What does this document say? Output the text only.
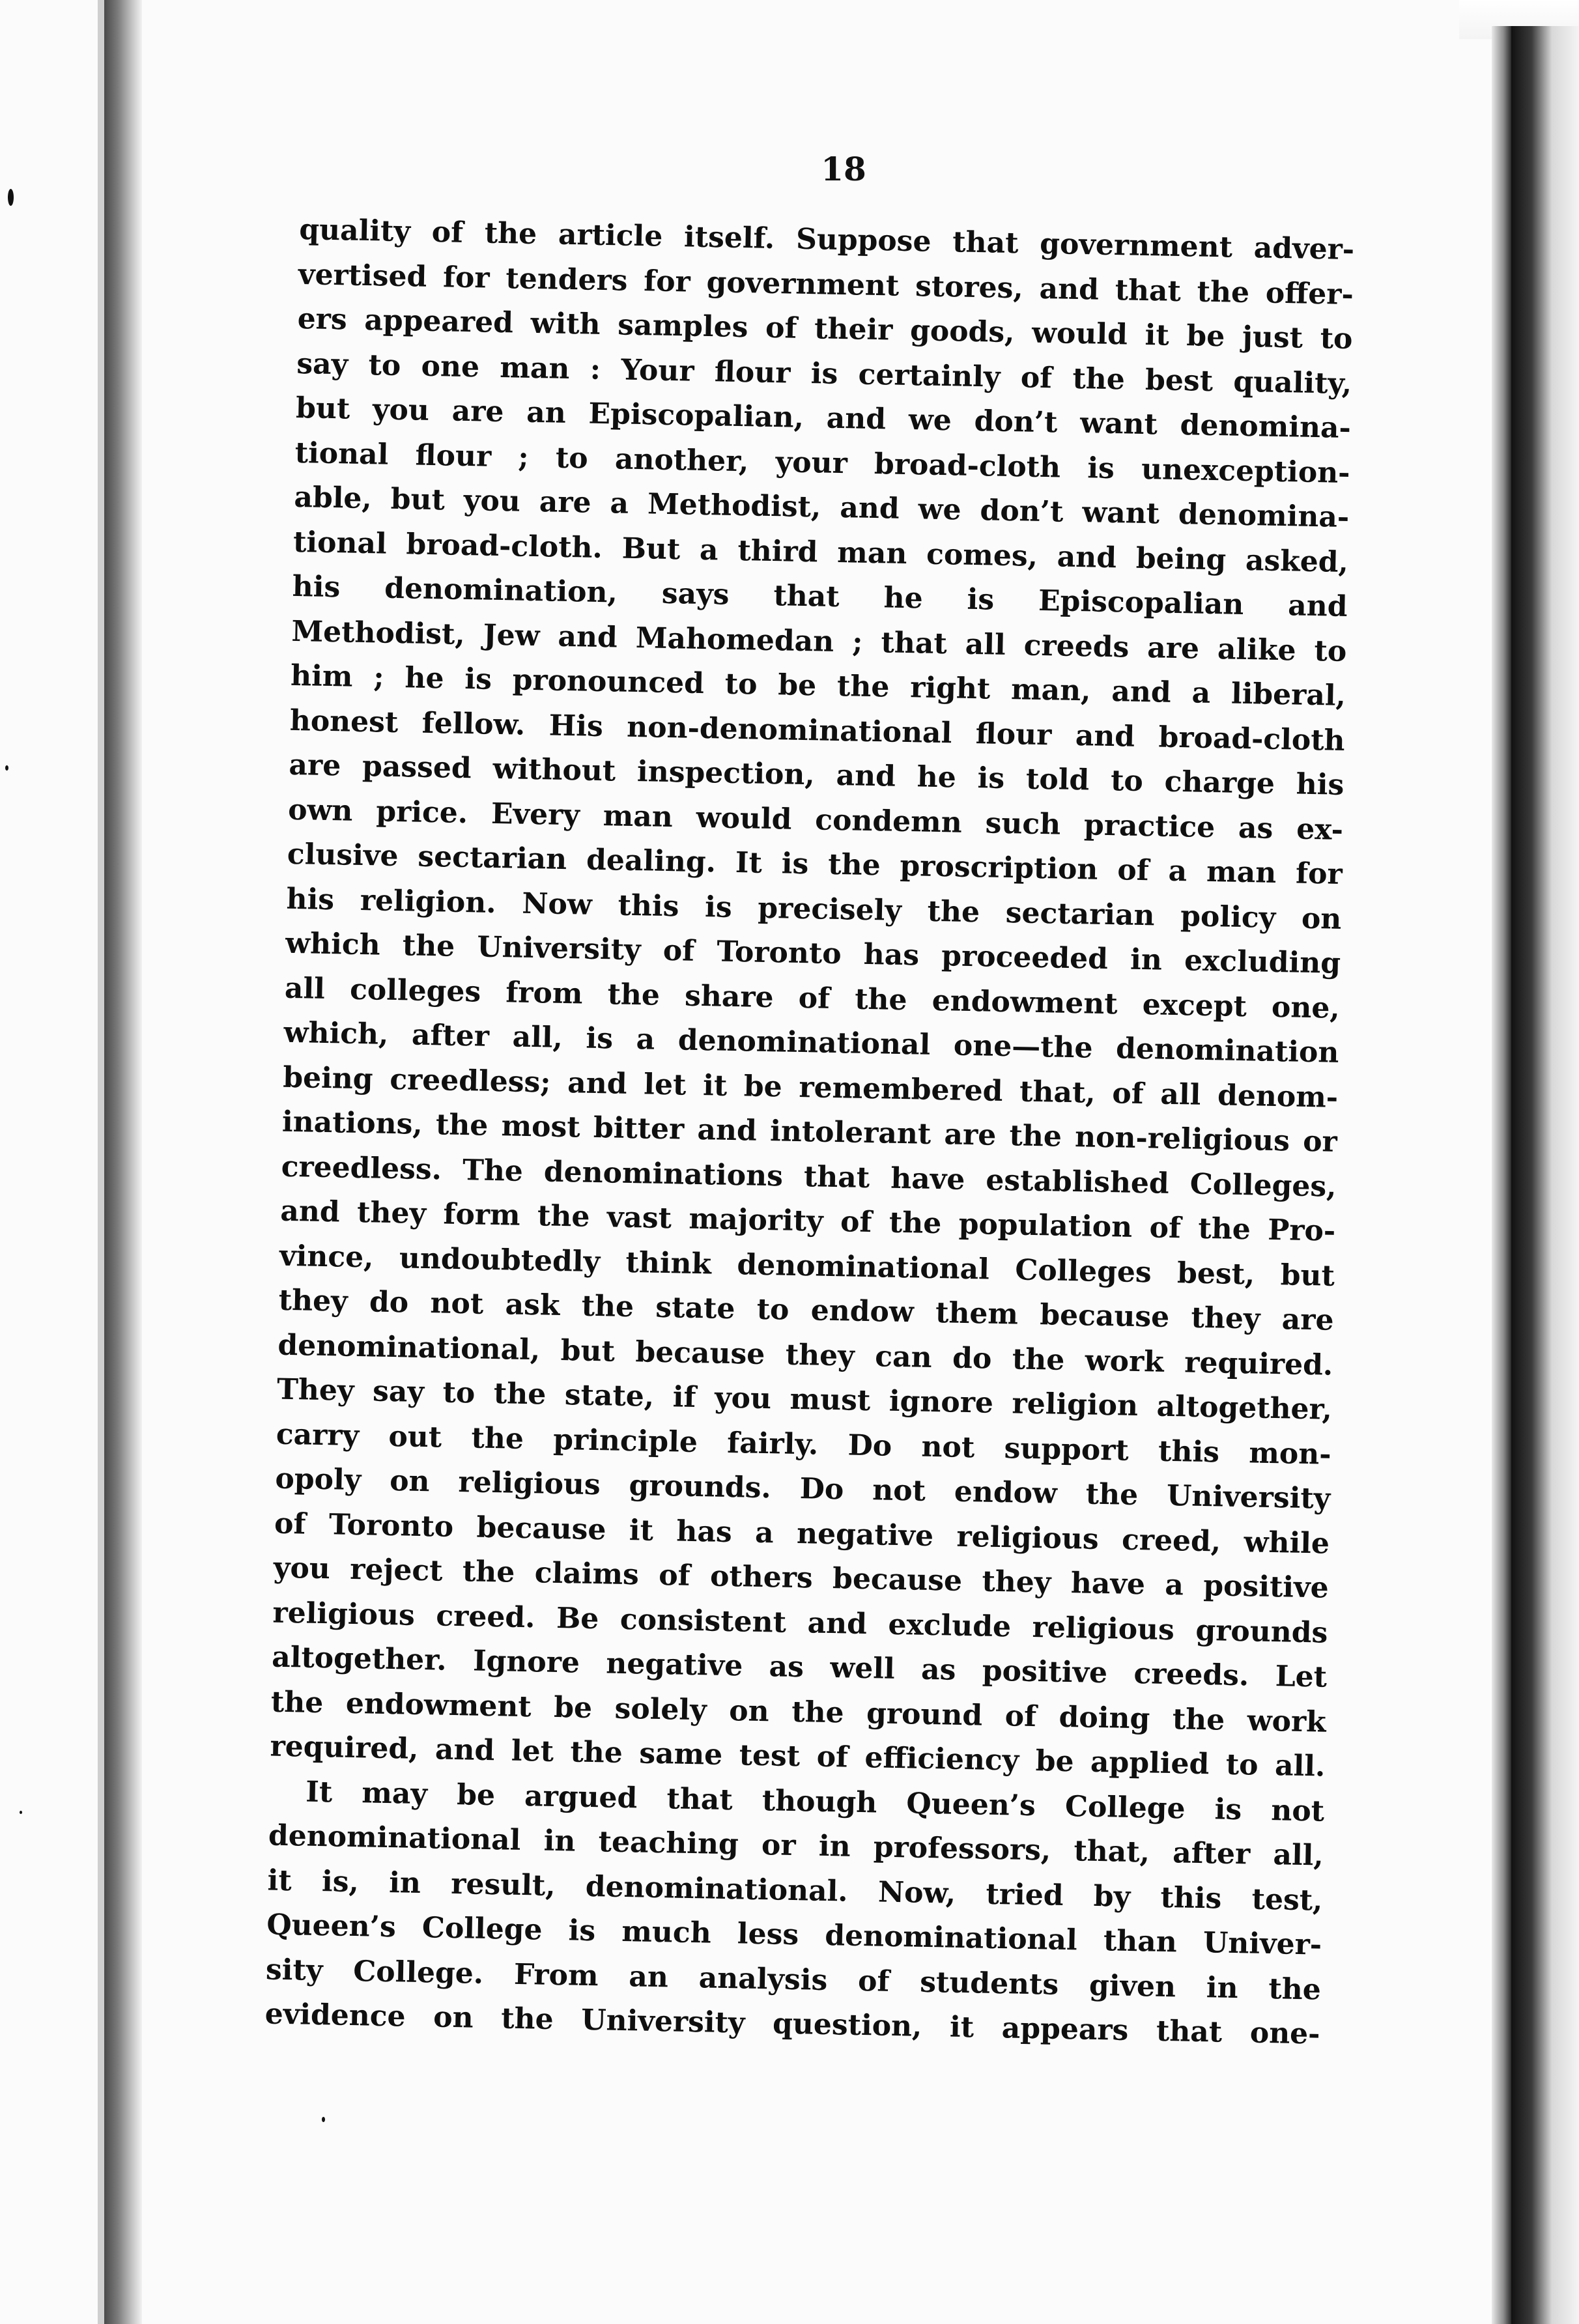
18
quality of the article itself. Suppose that government adver-
vertised for tenders for government stores, and that the offer-
ers appeared with samples of their goods, would it be just to
say to one man : Your flour is certainly of the best quality,
but you are an Episcopalian, and we don’t want denomina-
tional flour ; to another, your broad-cloth is unexception-
able, but you are a Methodist, and we don’t want denomina-
tional broad-cloth. But a third man comes, and being asked,
his denomination, says that he is Episcopalian and
Methodist, Jew and Mahomedan ; that all creeds are alike to
him ; he is pronounced to be the right man, and a liberal,
honest fellow. His non-denominational flour and broad-cloth
are passed without inspection, and he is told to charge his
own price. Every man would condemn such practice as ex-
clusive sectarian dealing. It is the proscription of a man for
his religion. Now this is precisely the sectarian policy on
which the University of Toronto has proceeded in excluding
all colleges from the share of the endowment except one,
which, after all, is a denominational one—the denomination
being creedless; and let it be remembered that, of all denom-
inations, the most bitter and intolerant are the non-religious or
creedless. The denominations that have established Colleges,
and they form the vast majority of the population of the Pro-
vince, undoubtedly think denominational Colleges best, but
they do not ask the state to endow them because they are
denominational, but because they can do the work required.
They say to the state, if you must ignore religion altogether,
carry out the principle fairly. Do not support this mon-
opoly on religious grounds. Do not endow the University
of Toronto because it has a negative religious creed, while
you reject the claims of others because they have a positive
religious creed. Be consistent and exclude religious grounds
altogether. Ignore negative as well as positive creeds. Let
the endowment be solely on the ground of doing the work
required, and let the same test of efficiency be applied to all.
It may be argued that though Queen’s College is not
denominational in teaching or in professors, that, after all,
it is, in result, denominational. Now, tried by this test,
Queen’s College is much less denominational than Univer-
sity College. From an analysis of students given in the
evidence on the University question, it appears that one-
